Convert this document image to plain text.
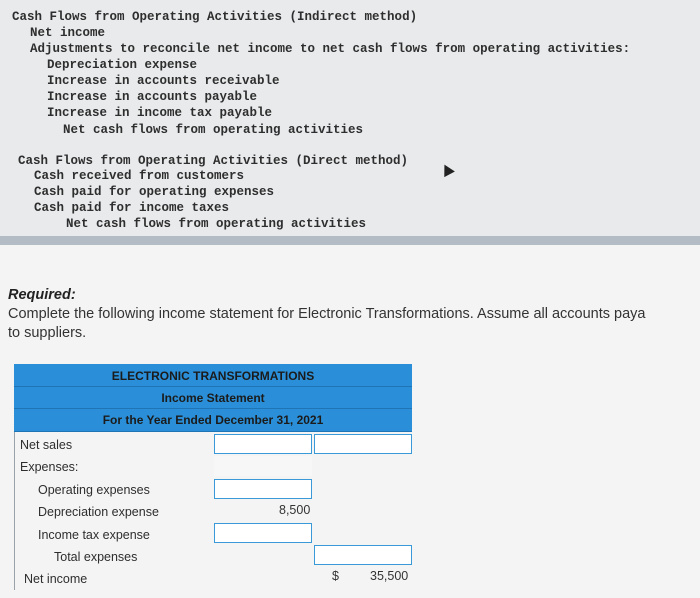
Cash Flows from Operating Activities (Indirect method)
Net income
Adjustments to reconcile net income to net cash flows from operating activities:
Depreciation expense
Increase in accounts receivable
Increase in accounts payable
Increase in income tax payable
Net cash flows from operating activities
Cash Flows from Operating Activities (Direct method)
Cash received from customers
Cash paid for operating expenses
Cash paid for income taxes
Net cash flows from operating activities
Required:
Complete the following income statement for Electronic Transformations. Assume all accounts paya
to suppliers.
ELECTRONIC TRANSFORMATIONS
Income Statement
For the Year Ended December 31, 2021
Net sales
Expenses:
Operating expenses
Depreciation expense	8,500
Income tax expense
Total expenses
Net income	$ 35,500
